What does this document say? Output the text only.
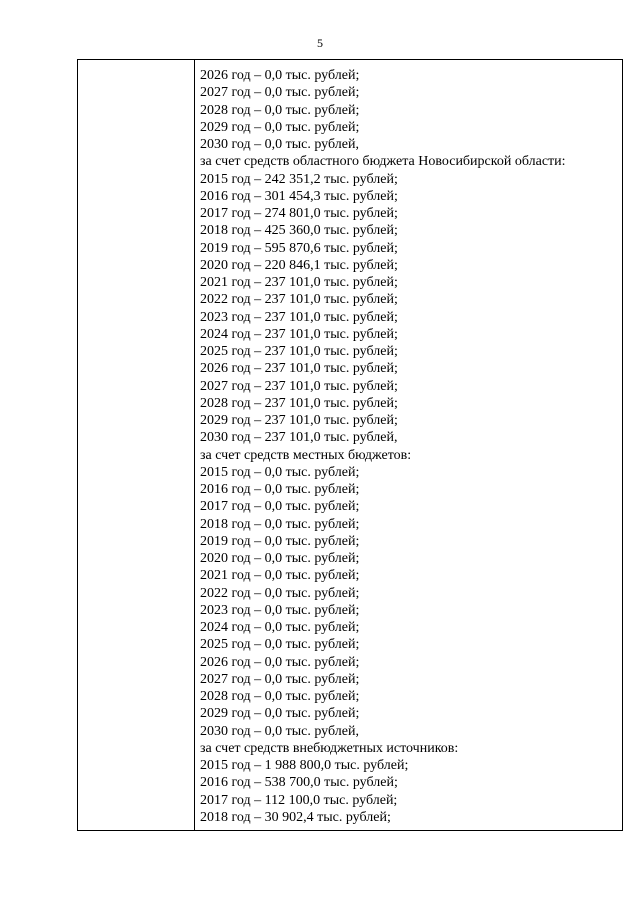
5
2026 год – 0,0 тыс. рублей;
2027 год – 0,0 тыс. рублей;
2028 год – 0,0 тыс. рублей;
2029 год – 0,0 тыс. рублей;
2030 год – 0,0 тыс. рублей,
за счет средств областного бюджета Новосибирской области:
2015 год – 242 351,2 тыс. рублей;
2016 год – 301 454,3 тыс. рублей;
2017 год – 274 801,0 тыс. рублей;
2018 год – 425 360,0 тыс. рублей;
2019 год – 595 870,6 тыс. рублей;
2020 год – 220 846,1 тыс. рублей;
2021 год – 237 101,0 тыс. рублей;
2022 год – 237 101,0 тыс. рублей;
2023 год – 237 101,0 тыс. рублей;
2024 год – 237 101,0 тыс. рублей;
2025 год – 237 101,0 тыс. рублей;
2026 год – 237 101,0 тыс. рублей;
2027 год – 237 101,0 тыс. рублей;
2028 год – 237 101,0 тыс. рублей;
2029 год – 237 101,0 тыс. рублей;
2030 год – 237 101,0 тыс. рублей,
за счет средств местных бюджетов:
2015 год – 0,0 тыс. рублей;
2016 год – 0,0 тыс. рублей;
2017 год – 0,0 тыс. рублей;
2018 год – 0,0 тыс. рублей;
2019 год – 0,0 тыс. рублей;
2020 год – 0,0 тыс. рублей;
2021 год – 0,0 тыс. рублей;
2022 год – 0,0 тыс. рублей;
2023 год – 0,0 тыс. рублей;
2024 год – 0,0 тыс. рублей;
2025 год – 0,0 тыс. рублей;
2026 год – 0,0 тыс. рублей;
2027 год – 0,0 тыс. рублей;
2028 год – 0,0 тыс. рублей;
2029 год – 0,0 тыс. рублей;
2030 год – 0,0 тыс. рублей,
за счет средств внебюджетных источников:
2015 год – 1 988 800,0 тыс. рублей;
2016 год – 538 700,0 тыс. рублей;
2017 год – 112 100,0 тыс. рублей;
2018 год – 30 902,4 тыс. рублей;
